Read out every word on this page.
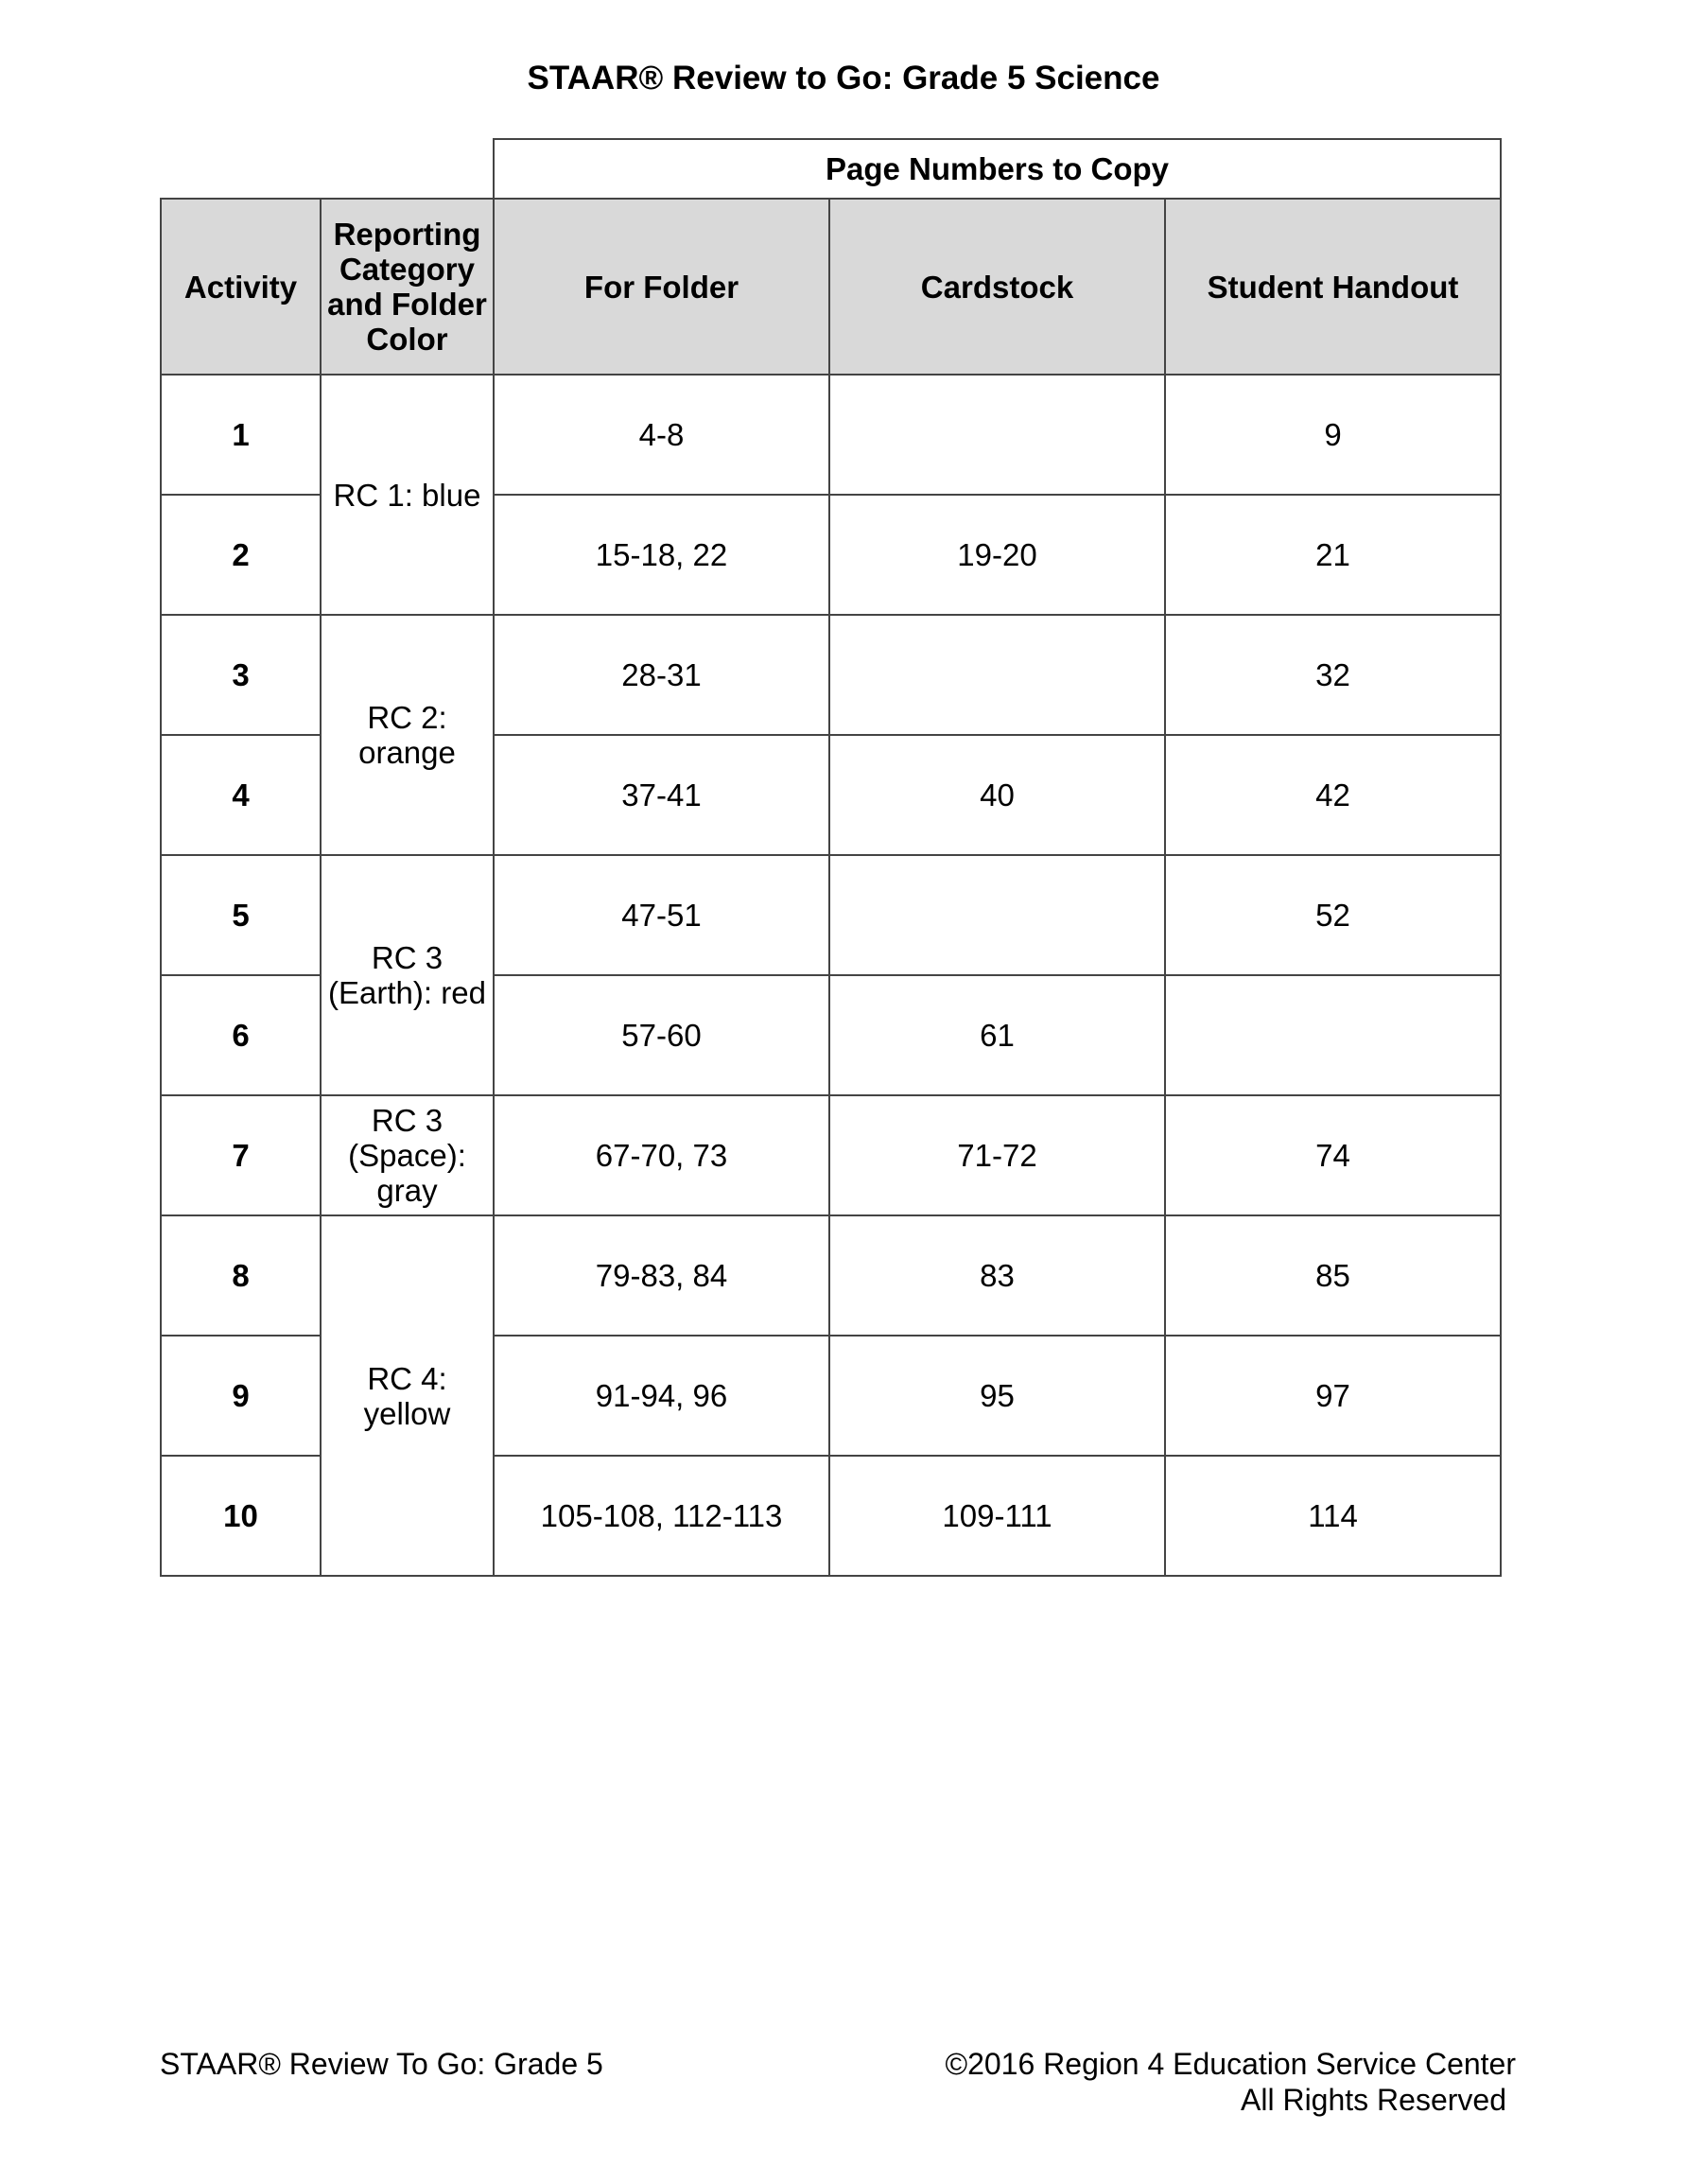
STAAR® Review to Go: Grade 5 Science
		Page Numbers to Copy		
Activity	Reporting Category and Folder Color	For Folder	Cardstock	Student Handout
1	RC 1: blue	4-8		9
2		15-18, 22	19-20	21
3	RC 2: orange	28-31		32
4		37-41	40	42
5	RC 3 (Earth): red	47-51		52
6		57-60	61	
7	RC 3 (Space): gray	67-70, 73	71-72	74
8	RC 4: yellow	79-83, 84	83	85
9		91-94, 96	95	97
10		105-108, 112-113	109-111	114
STAAR® Review To Go: Grade 5	©2016 Region 4 Education Service Center
All Rights Reserved
